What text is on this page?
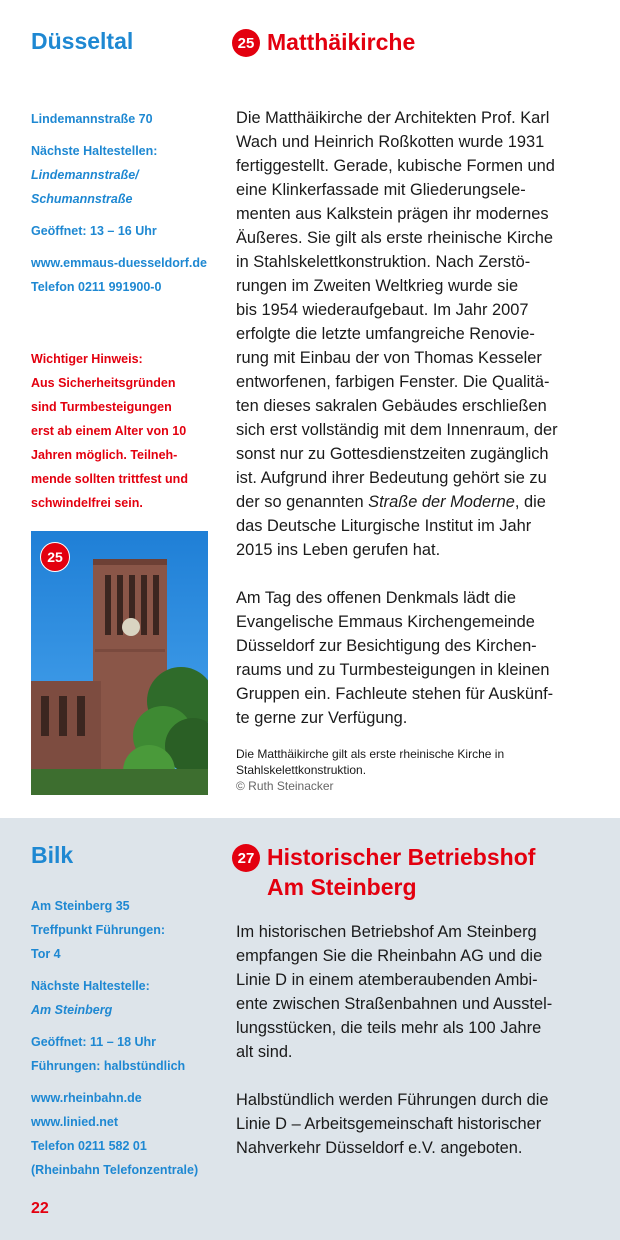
Düsseltal	25 Matthäikirche
Lindemannstraße 70
Nächste Haltestellen:
Lindemannstraße/
Schumannstraße
Geöffnet: 13 – 16 Uhr
www.emmaus-duesseldorf.de
Telefon 0211 991900-0
Wichtiger Hinweis:
Aus Sicherheitsgründen
sind Turmbesteigungen
erst ab einem Alter von 10
Jahren möglich. Teilneh-
mende sollten trittfest und
schwindelfrei sein.
25

Die Matthäikirche der Architekten Prof. Karl
Wach und Heinrich Roßkotten wurde 1931
fertiggestellt. Gerade, kubische Formen und
eine Klinkerfassade mit Gliederungsele-
menten aus Kalkstein prägen ihr modernes
Äußeres. Sie gilt als erste rheinische Kirche
in Stahlskelettkonstruktion. Nach Zerstö-
rungen im Zweiten Weltkrieg wurde sie
bis 1954 wiederaufgebaut. Im Jahr 2007
erfolgte die letzte umfangreiche Renovie-
rung mit Einbau der von Thomas Kesseler
entworfenen, farbigen Fenster. Die Qualitä-
ten dieses sakralen Gebäudes erschließen
sich erst vollständig mit dem Innenraum, der
sonst nur zu Gottesdienstzeiten zugänglich
ist. Aufgrund ihrer Bedeutung gehört sie zu
der so genannten Straße der Moderne, die
das Deutsche Liturgische Institut im Jahr
2015 ins Leben gerufen hat.

Am Tag des offenen Denkmals lädt die
Evangelische Emmaus Kirchengemeinde
Düsseldorf zur Besichtigung des Kirchen-
raums und zu Turmbesteigungen in kleinen
Gruppen ein. Fachleute stehen für Auskünf-
te gerne zur Verfügung.

Die Matthäikirche gilt als erste rheinische Kirche in
Stahlskelettkonstruktion.
© Ruth Steinacker
Bilk	27 Historischer Betriebshof
Am Steinberg
Am Steinberg 35
Treffpunkt Führungen:
Tor 4
Nächste Haltestelle:
Am Steinberg
Geöffnet: 11 – 18 Uhr
Führungen: halbstündlich
www.rheinbahn.de
www.linied.net
Telefon 0211 582 01
(Rheinbahn Telefonzentrale)

Im historischen Betriebshof Am Steinberg
empfangen Sie die Rheinbahn AG und die
Linie D in einem atemberaubenden Ambi-
ente zwischen Straßenbahnen und Ausstel-
lungsstücken, die teils mehr als 100 Jahre
alt sind.

Halbstündlich werden Führungen durch die
Linie D – Arbeitsgemeinschaft historischer
Nahverkehr Düsseldorf e.V. angeboten.

22
